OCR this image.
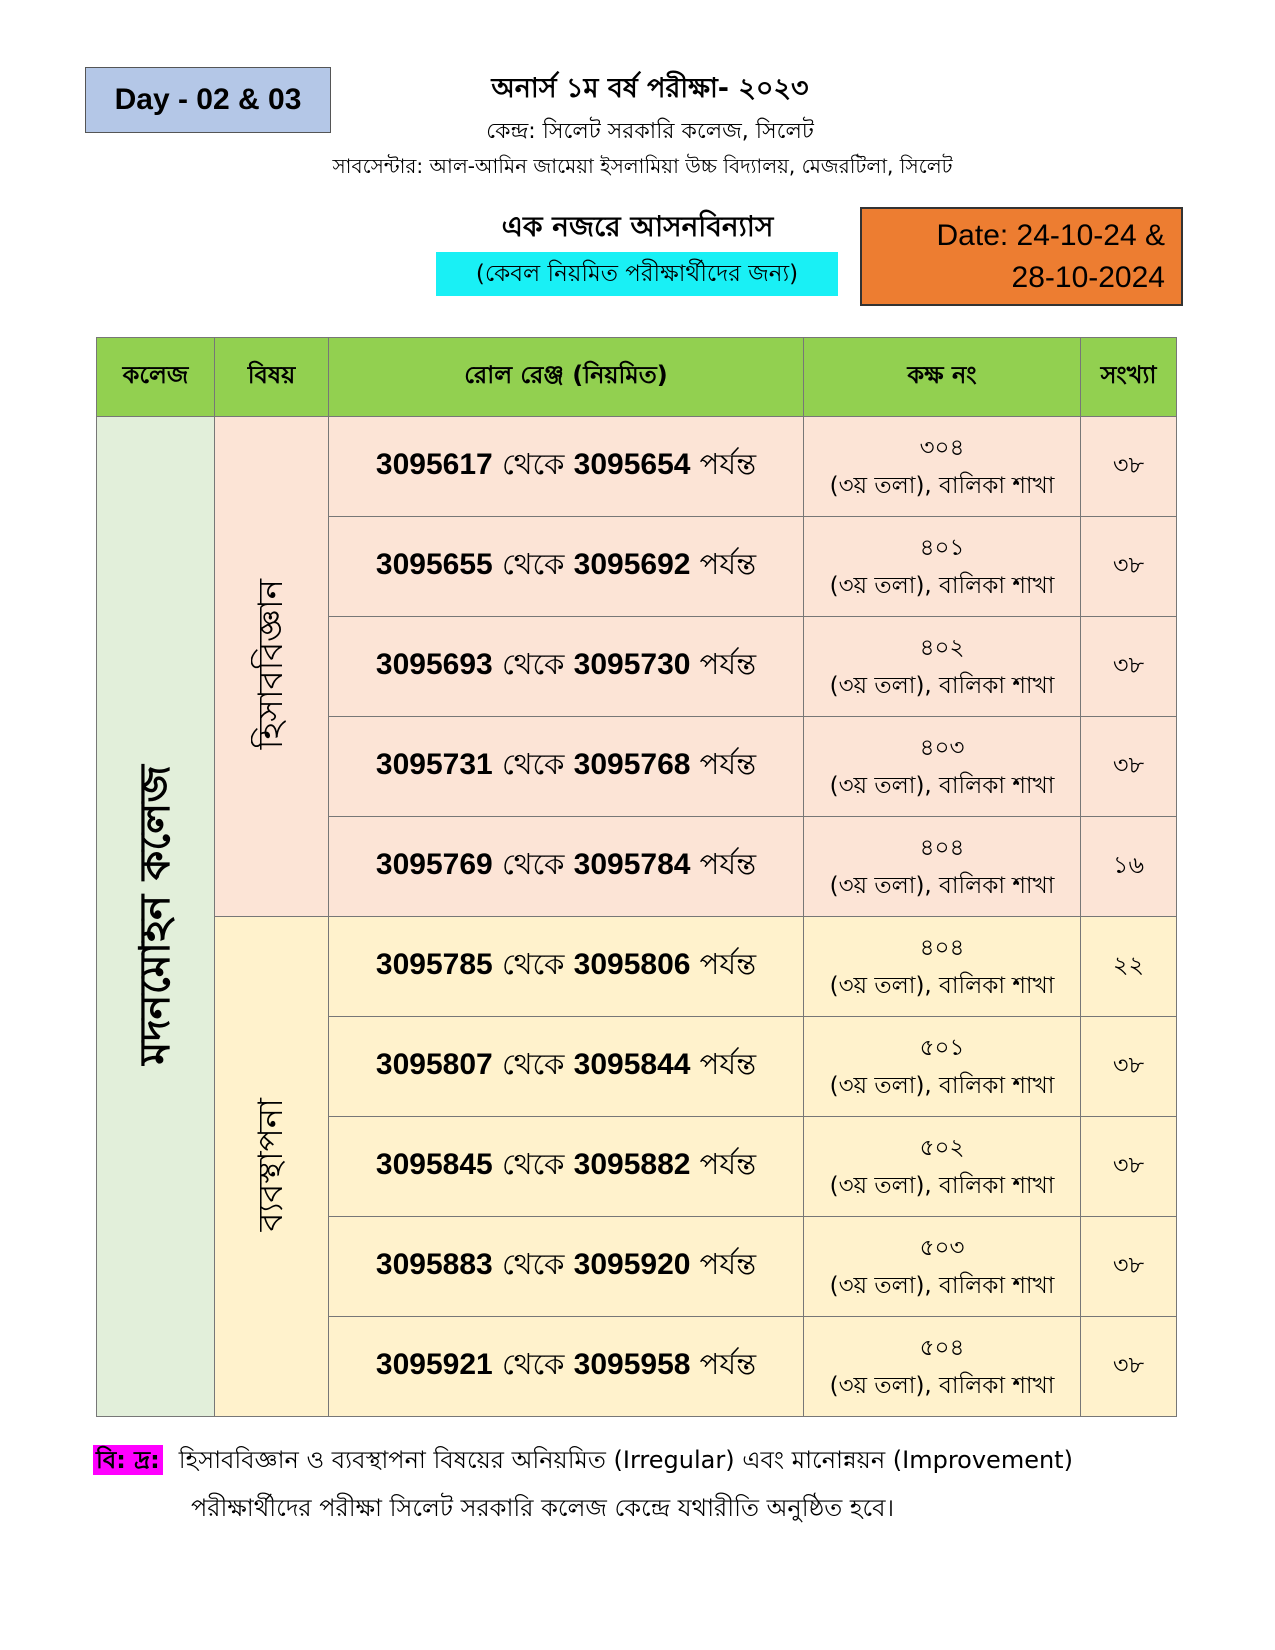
Day - 02 & 03	অনার্স ১ম বর্ষ পরীক্ষা- ২০২৩
কেন্দ্র: সিলেট সরকারি কলেজ, সিলেট
সাবসেন্টার: আল-আমিন জামেয়া ইসলামিয়া উচ্চ বিদ্যালয়, মেজরটিলা, সিলেট
এক নজরে আসনবিন্যাস
(কেবল নিয়মিত পরীক্ষার্থীদের জন্য)
Date: 24-10-24 &
28-10-2024
কলেজ	বিষয়	রোল রেঞ্জ (নিয়মিত)	কক্ষ নং	সংখ্যা

মদনমোহন কলেজ	হিসাববিজ্ঞান	3095617 থেকে 3095654 পর্যন্ত	৩০৪
(৩য় তলা), বালিকা শাখা	৩৮
		3095655 থেকে 3095692 পর্যন্ত	৪০১
(৩য় তলা), বালিকা শাখা	৩৮
		3095693 থেকে 3095730 পর্যন্ত	৪০২
(৩য় তলা), বালিকা শাখা	৩৮
		3095731 থেকে 3095768 পর্যন্ত	৪০৩
(৩য় তলা), বালিকা শাখা	৩৮
		3095769 থেকে 3095784 পর্যন্ত	৪০৪
(৩য় তলা), বালিকা শাখা	১৬
	ব্যবস্থাপনা	3095785 থেকে 3095806 পর্যন্ত	৪০৪
(৩য় তলা), বালিকা শাখা	২২
		3095807 থেকে 3095844 পর্যন্ত	৫০১
(৩য় তলা), বালিকা শাখা	৩৮
		3095845 থেকে 3095882 পর্যন্ত	৫০২
(৩য় তলা), বালিকা শাখা	৩৮
		3095883 থেকে 3095920 পর্যন্ত	৫০৩
(৩য় তলা), বালিকা শাখা	৩৮
		3095921 থেকে 3095958 পর্যন্ত	৫০৪
(৩য় তলা), বালিকা শাখা	৩৮
বি: দ্র: হিসাববিজ্ঞান ও ব্যবস্থাপনা বিষয়ের অনিয়মিত (Irregular) এবং মানোন্নয়ন (Improvement)
পরীক্ষার্থীদের পরীক্ষা সিলেট সরকারি কলেজ কেন্দ্রে যথারীতি অনুষ্ঠিত হবে।
